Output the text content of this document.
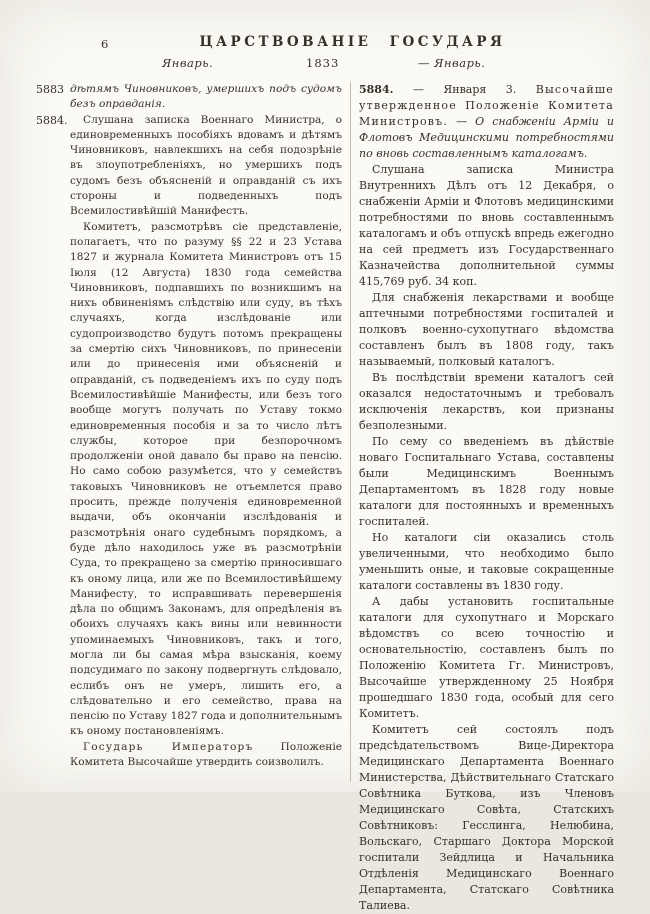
6	ЦАРСТВОВАНІЕ ГОСУДАРЯ
Январь.	1833	— Январь.

5883 дѣтямъ Чиновниковъ, умершихъ подъ судомъ безъ оправданія.

5884. Слушана записка Военнаго Министра, о единовременныхъ пособіяхъ вдовамъ и дѣтямъ Чиновниковъ, навлекшихъ на себя подозрѣніе въ злоупотребленіяхъ, но умершихъ подъ судомъ безъ объясненій и оправданій съ ихъ стороны и подведенныхъ подъ Всемилостивѣйшій Манифестъ.

Комитетъ, разсмотрѣвъ сіе представленіе, полагаетъ, что по разуму §§ 22 и 23 Устава 1827 и журнала Комитета Министровъ отъ 15 Іюля (12 Августа) 1830 года семейства Чиновниковъ, подпавшихъ по возникшимъ на нихъ обвиненіямъ слѣдствію или суду, въ тѣхъ случаяхъ, когда изслѣдованіе или судопроизводство будутъ потомъ прекращены за смертію сихъ Чиновниковъ, по принесеніи или до принесенія ими объясненій и оправданій, съ подведеніемъ ихъ по суду подъ Всемилостивѣйшіе Манифесты, или безъ того вообще могутъ получать по Уставу токмо единовременныя пособія и за то число лѣтъ службы, которое при безпорочномъ продолженіи оной давало бы право на пенсію. Но само собою разумѣется, что у семействъ таковыхъ Чиновниковъ не отъемлется право просить, прежде полученія единовременной выдачи, объ окончаніи изслѣдованія и разсмотрѣнія онаго судебнымъ порядкомъ, а буде дѣло находилось уже въ разсмотрѣніи Суда, то прекращено за смертію приносившаго къ оному лица, или же по Всемилостивѣйшему Манифесту, то исправшивать перевершенія дѣла по общимъ Законамъ, для опредѣленія въ обоихъ случаяхъ какъ вины или невинности упоминаемыхъ Чиновниковъ, такъ и того, могла ли бы самая мѣра взысканія, коему подсудимаго по закону подвергнуть слѣдовало, еслибъ онъ не умеръ, лишить его, а слѣдовательно и его семейство, права на пенсію по Уставу 1827 года и дополнительнымъ къ оному постановленіямъ.

Государь Императоръ	Положеніе Комитета Высочайше утвердить соизволилъ.

5884. — Января 3. Высочайше утвержденное Положеніе Комитета Министровъ. — О снабженіи Арміи и Флотовъ Медицинскими потребностями по вновь составленнымъ каталогамъ.

Слушана записка Министра Внутреннихъ Дѣлъ отъ 12 Декабря, о снабженіи Арміи и Флотовъ медицинскими потребностями по вновь составленнымъ каталогамъ и объ отпускѣ впредь ежегодно на сей предметъ изъ Государственнаго Казначейства дополнительной суммы 415,769 руб. 34 коп.

Для снабженія лекарствами и вообще аптечными потребностями госпиталей и полковъ военно-сухопутнаго вѣдомства составленъ былъ въ 1808 году, такъ называемый, полковый каталогъ.

Въ послѣдствіи времени каталогъ сей оказался недостаточнымъ и требовалъ исключенія лекарствъ, кои признаны безполезными.

По сему со введеніемъ въ дѣйствіе новаго Госпитальнаго Устава, составлены были Медицинскимъ Военнымъ Департаментомъ въ 1828 году новые каталоги для постоянныхъ и временныхъ госпиталей.

Но каталоги сіи оказались столь увеличенными, что необходимо было уменьшить оные, и таковые сокращенные каталоги составлены въ 1830 году.

А дабы установить госпитальные каталоги для сухопутнаго и Морскаго вѣдомствъ со всею точностію и основательностію, составленъ былъ по Положенію Комитета Гг. Министровъ, Высочайше утвержденному 25 Ноября прошедшаго 1830 года, особый для сего Комитетъ.

Комитетъ сей состоялъ подъ предсѣдательствомъ Вице-Директора Медицинскаго Департамента Военнаго Министерства, Дѣйствительнаго Статскаго Совѣтника Буткова, изъ Членовъ Медицинскаго Совѣта, Статскихъ Совѣтниковъ: Гесслинга, Нелюбина, Вольскаго, Старшаго Доктора Морской госпитали Зейдлица и Начальника Отдѣленія Медицинскаго Военнаго Департамента, Статскаго Совѣтника Талиева.
